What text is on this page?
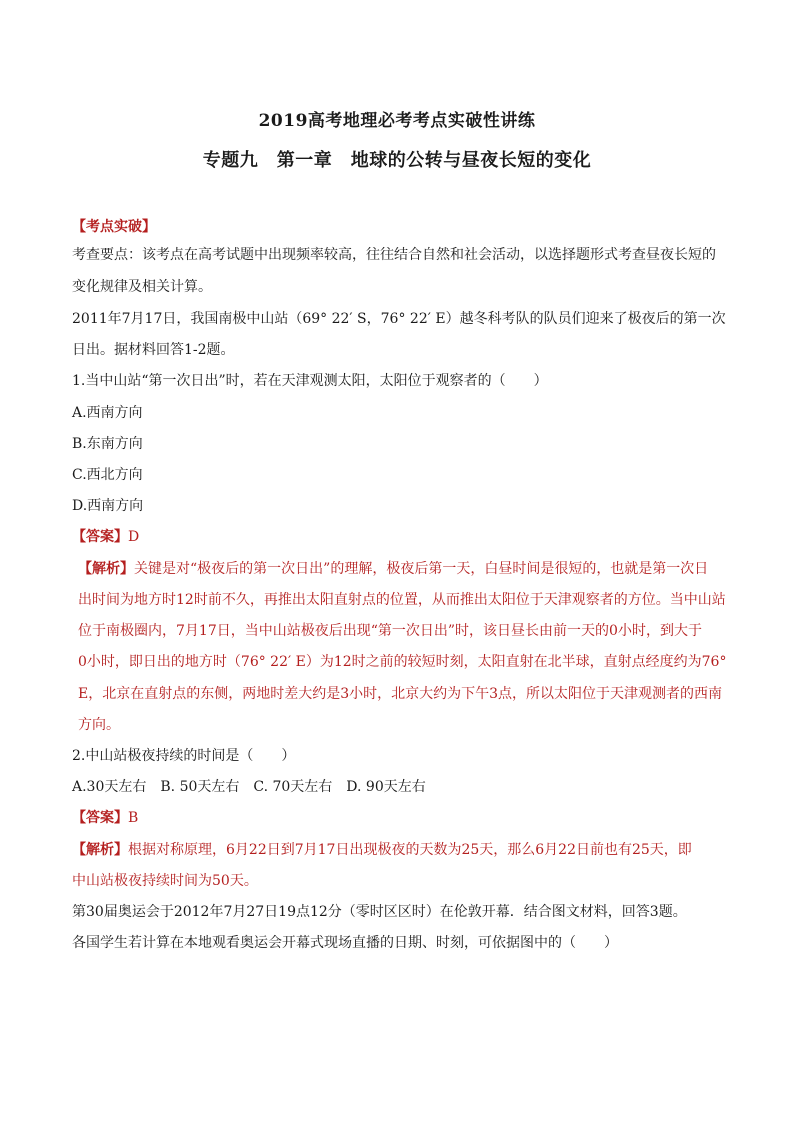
2019高考地理必考考点实破性讲练
专题九　第一章　地球的公转与昼夜长短的变化
【考点实破】
考查要点：该考点在高考试题中出现频率较高，往往结合自然和社会活动，以选择题形式考查昼夜长短的
变化规律及相关计算。
2011年7月17日，我国南极中山站（69° 22′ S，76° 22′ E）越冬科考队的队员们迎来了极夜后的第一次
日出。据材料回答1-2题。
1.当中山站“第一次日出”时，若在天津观测太阳，太阳位于观察者的（　　）
A.西南方向
B.东南方向
C.西北方向
D.西南方向
【答案】D
【解析】关键是对“极夜后的第一次日出”的理解，极夜后第一天，白昼时间是很短的，也就是第一次日
出时间为地方时12时前不久，再推出太阳直射点的位置，从而推出太阳位于天津观察者的方位。当中山站
位于南极圈内，7月17日，当中山站极夜后出现“第一次日出”时，该日昼长由前一天的0小时，到大于
0小时，即日出的地方时（76° 22′ E）为12时之前的较短时刻，太阳直射在北半球，直射点经度约为76°
E，北京在直射点的东侧，两地时差大约是3小时，北京大约为下午3点，所以太阳位于天津观测者的西南
方向。
2.中山站极夜持续的时间是（　　）
A.30天左右　B. 50天左右　C. 70天左右　D. 90天左右
【答案】B
【解析】根据对称原理，6月22日到7月17日出现极夜的天数为25天，那么6月22日前也有25天，即
中山站极夜持续时间为50天。
第30届奥运会于2012年7月27日19点12分（零时区区时）在伦敦开幕．结合图文材料，回答3题。
各国学生若计算在本地观看奥运会开幕式现场直播的日期、时刻，可依据图中的（　　）
